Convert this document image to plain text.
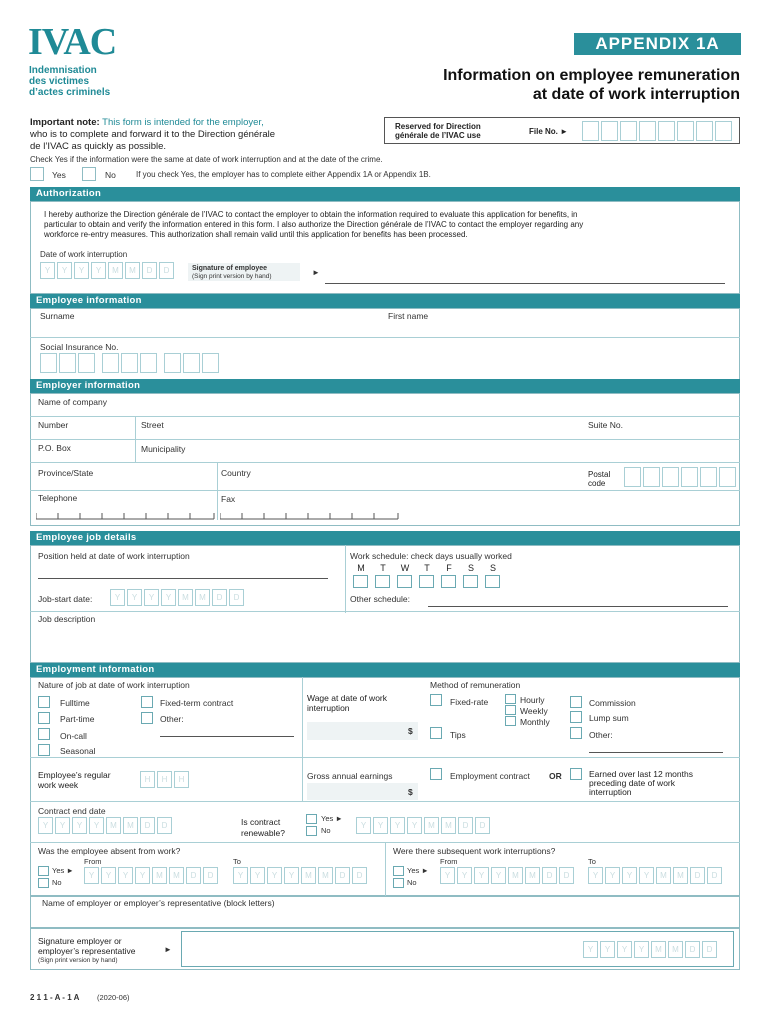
IVAC
Indemnisation
des victimes
d’actes criminels
APPENDIX 1A
Information on employee remuneration
at date of work interruption
Important note: This form is intended for the employer,
who is to complete and forward it to the Direction générale
de l’IVAC as quickly as possible.
Reserved for Direction
générale de l’IVAC use	File No. ►
Check Yes if the information were the same at date of work interruption and at the date of the crime.
Yes	No	If you check Yes, the employer has to complete either Appendix 1A or Appendix 1B.
Authorization
I hereby authorize the Direction générale de l’IVAC to contact the employer to obtain the information required to evaluate this application for benefits, in
particular to obtain and verify the information entered in this form. I also authorize the Direction générale de l’IVAC to contact the employer regarding any
workforce re-entry measures. This authorization shall remain valid until this application for benefits has been processed.
Date of work interruption
Y	Y	Y	Y	M	M	D	D	Signature of employee
(Sign print version by hand)	►
Employee information
Surname	First name
Social Insurance No.
Employer information
Name of company
Number	Street	Suite No.
P.O. Box	Municipality
Province/State	Country	Postal
code
Telephone	Fax
Employee job details
Position held at date of work interruption	Work schedule: check days usually worked
M	T	W	T	F	S	S
Job-start date:	Y	Y	Y	Y	M	M	D	D	Other schedule:
Job description
Employment information
Nature of job at date of work interruption
Fulltime	Fixed-term contract
Part-time	Other:
On-call
Seasonal
Wage at date of work
interruption
$
Method of remuneration
Fixed-rate	Hourly
Weekly
Monthly
Commission
Lump sum
Tips	Other:
Employee’s regular
work week
H	H	H	Gross annual earnings
$
Employment contract OR	Earned over last 12 months
preceding date of work
interruption
Contract end date
Y	Y	Y	Y	M	M	D	D	Is contract
renewable?
Yes ►
No
Y	Y	Y	Y	M	M	D	D
Was the employee absent from work?
From	To
Yes ►
No
Y	Y	Y	Y	M	M	D	D	Y	Y	Y	Y	M	M	D	D
Were there subsequent work interruptions?
From	To
Yes ►
No
Y	Y	Y	Y	M	M	D	D	Y	Y	Y	Y	M	M	D	D
Name of employer or employer’s representative (block letters)
Signature employer or
employer’s representative
(Sign print version by hand)
►	Y	Y	Y	Y	M	M	D	D
2 1 1 - A - 1 A (2020-06)
